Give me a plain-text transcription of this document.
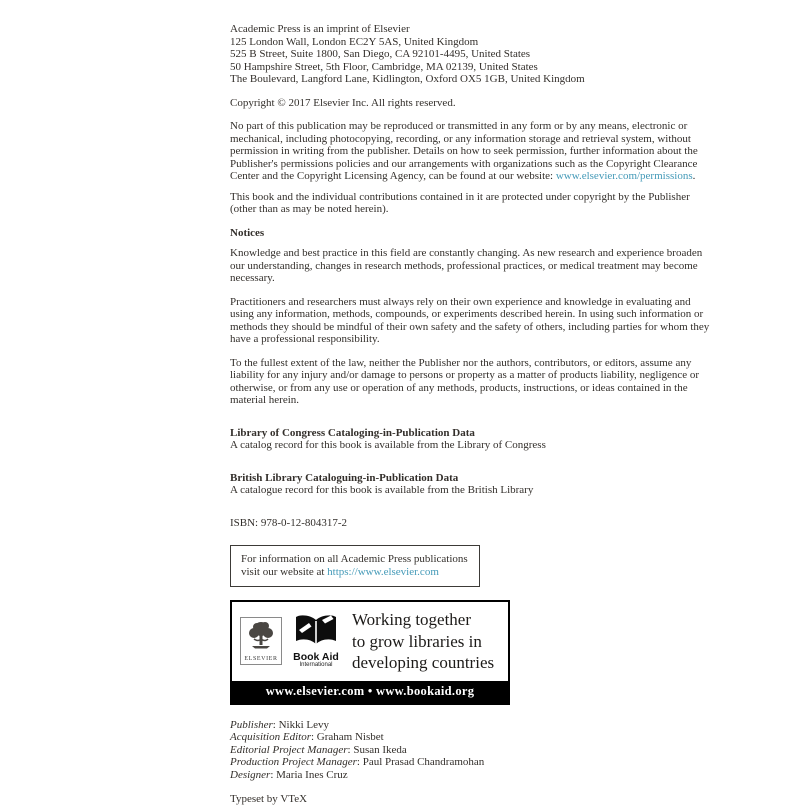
Academic Press is an imprint of Elsevier
125 London Wall, London EC2Y 5AS, United Kingdom
525 B Street, Suite 1800, San Diego, CA 92101-4495, United States
50 Hampshire Street, 5th Floor, Cambridge, MA 02139, United States
The Boulevard, Langford Lane, Kidlington, Oxford OX5 1GB, United Kingdom

Copyright © 2017 Elsevier Inc. All rights reserved.

No part of this publication may be reproduced or transmitted in any form or by any means, electronic or mechanical, including photocopying, recording, or any information storage and retrieval system, without permission in writing from the publisher. Details on how to seek permission, further information about the Publisher's permissions policies and our arrangements with organizations such as the Copyright Clearance Center and the Copyright Licensing Agency, can be found at our website: www.elsevier.com/permissions.

This book and the individual contributions contained in it are protected under copyright by the Publisher (other than as may be noted herein).

Notices

Knowledge and best practice in this field are constantly changing. As new research and experience broaden our understanding, changes in research methods, professional practices, or medical treatment may become necessary.

Practitioners and researchers must always rely on their own experience and knowledge in evaluating and using any information, methods, compounds, or experiments described herein. In using such information or methods they should be mindful of their own safety and the safety of others, including parties for whom they have a professional responsibility.

To the fullest extent of the law, neither the Publisher nor the authors, contributors, or editors, assume any liability for any injury and/or damage to persons or property as a matter of products liability, negligence or otherwise, or from any use or operation of any methods, products, instructions, or ideas contained in the material herein.

Library of Congress Cataloging-in-Publication Data
A catalog record for this book is available from the Library of Congress
British Library Cataloguing-in-Publication Data
A catalogue record for this book is available from the British Library

ISBN: 978-0-12-804317-2

For information on all Academic Press publications
visit our website at https://www.elsevier.com
ELSEVIER	Book Aid
International
Working together
to grow libraries in
developing countries
www.elsevier.com • www.bookaid.org
Publisher: Nikki Levy
Acquisition Editor: Graham Nisbet
Editorial Project Manager: Susan Ikeda
Production Project Manager: Paul Prasad Chandramohan
Designer: Maria Ines Cruz

Typeset by VTeX
